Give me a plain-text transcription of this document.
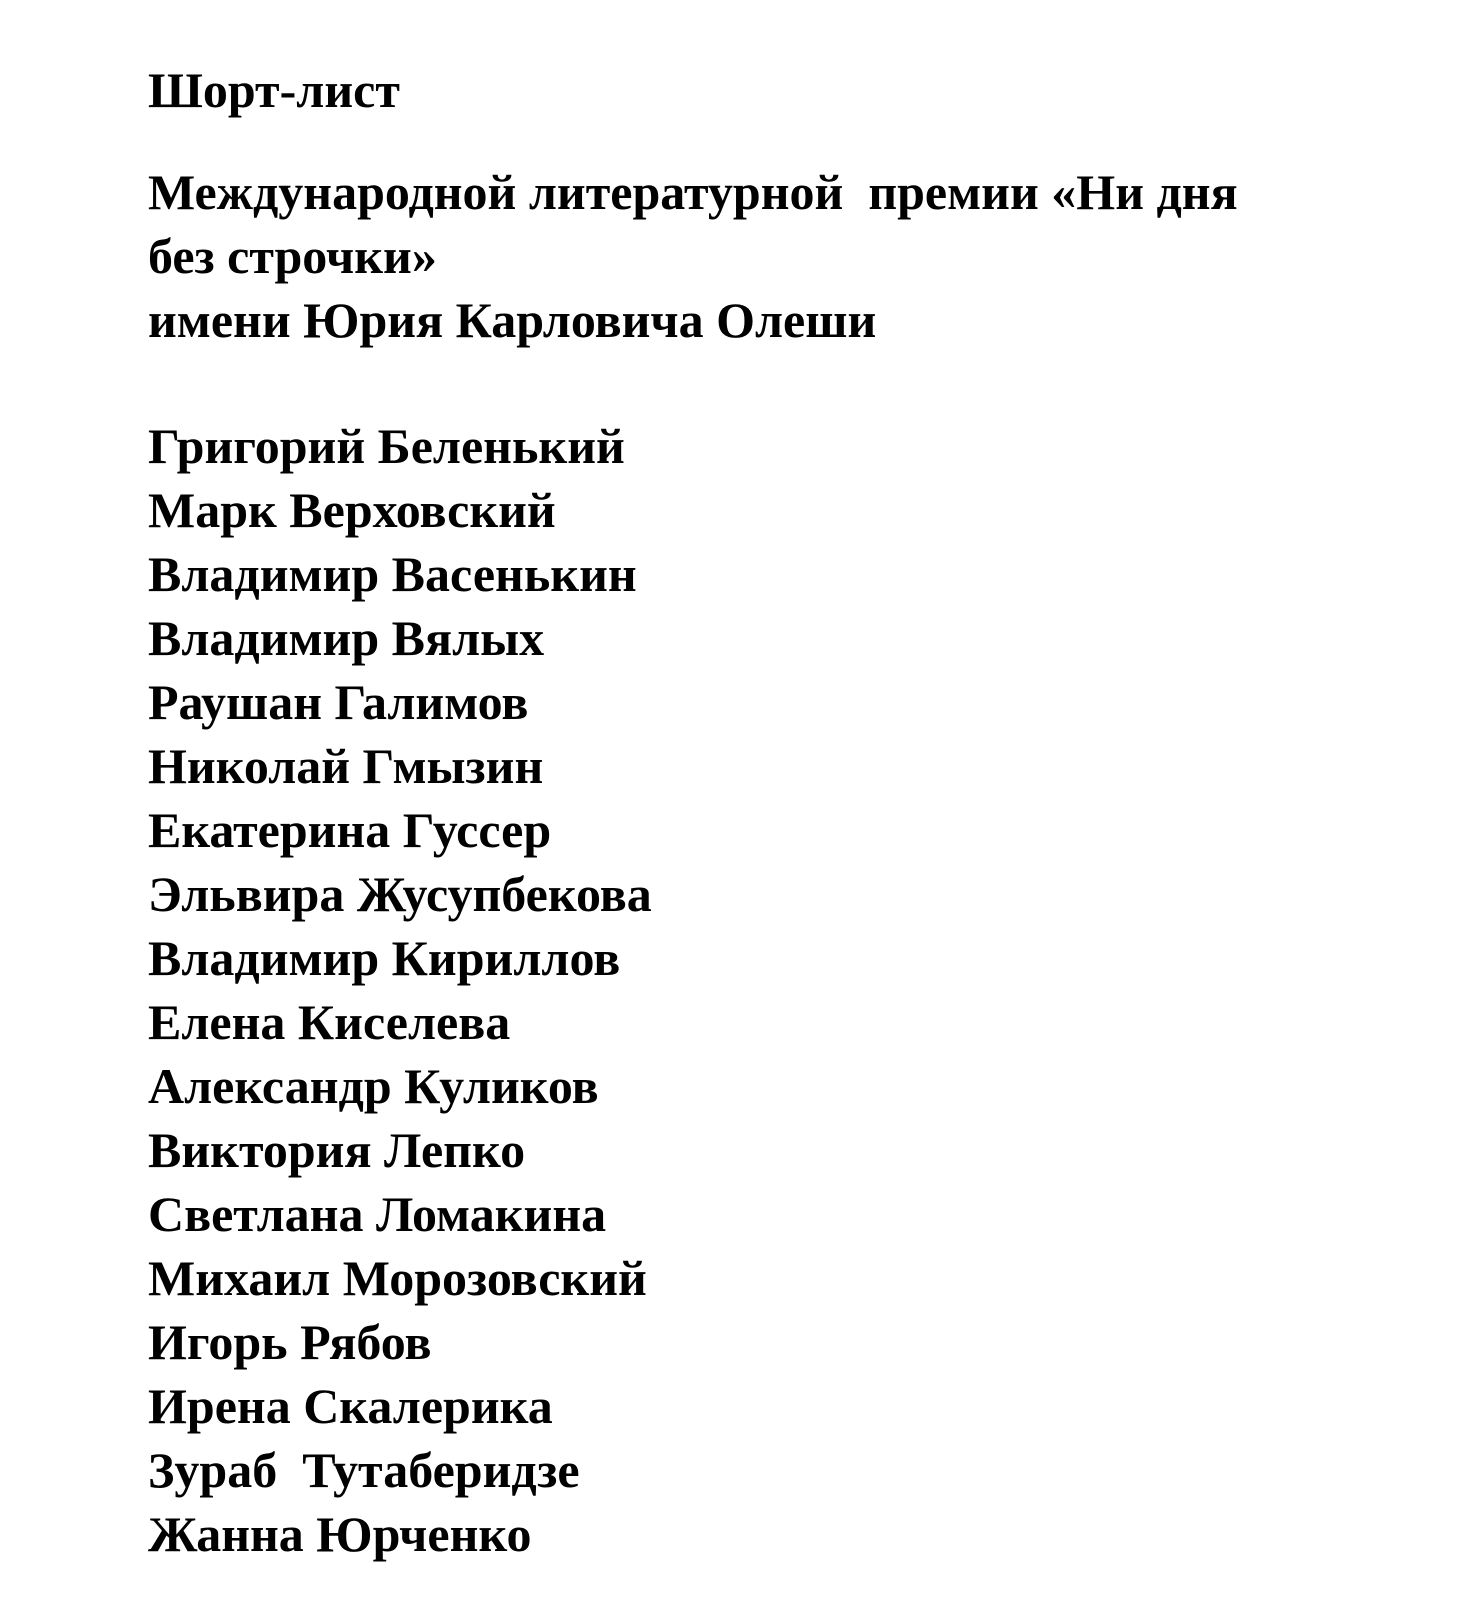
Шорт-лист
Международной литературной  премии «Ни дня
без строчки»
имени Юрия Карловича Олеши
Григорий Беленький
Марк Верховский
Владимир Васенькин
Владимир Вялых
Раушан Галимов
Николай Гмызин
Екатерина Гуссер
Эльвира Жусупбекова
Владимир Кириллов
Елена Киселева
Александр Куликов
Виктория Лепко
Светлана Ломакина
Михаил Морозовский
Игорь Рябов
Ирена Скалерика
Зураб  Тутаберидзе
Жанна Юрченко
